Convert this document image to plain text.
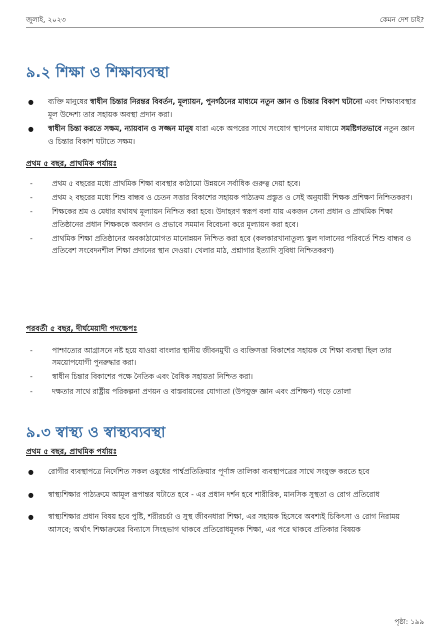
জুলাই, ২০২৩	কেমন দেশ চাই?
৯.২ শিক্ষা ও শিক্ষাব্যবস্থা
● ব্যক্তি মানুষের স্বাধীন চিন্তার নিরন্তর বিবর্তন, মূল্যায়ন, পুনর্গঠনের মাধ্যমে নতুন জ্ঞান ও চিন্তার বিকাশ ঘটানো এবং শিক্ষাব্যবস্থার মূল উদ্দেশ্য তার সহায়ক অবস্থা প্রদান করা।
● স্বাধীন চিন্তা করতে সক্ষম, ন্যায়বান ও সজ্জন মানুষ যারা একে অপরের সাথে সংযোগ স্থাপনের মাধ্যমে সমষ্টিগতভাবে নতুন জ্ঞান ও চিন্তার বিকাশ ঘটাতে সক্ষম।

প্রথম ৫ বছর, প্রাথমিক পর্যায়ঃ

- প্রথম ৫ বছরের মধ্যে প্রাথমিক শিক্ষা ব্যবস্থার কাঠামো উন্নয়নে সর্বাধিক গুরুত্ব দেয়া হবে।
- প্রথম ২ বছরের মধ্যে শিশু বান্ধব ও চেতন সত্তার বিকাশের সহায়ক পাঠ্যক্রম প্রস্তুত ও সেই অনুযায়ী শিক্ষক প্রশিক্ষণ নিশ্চিতকরণ।
- শিক্ষকের শ্রম ও মেধার যথাযথ মূল্যায়ন নিশ্চিত করা হবে। উদাহরণ স্বরূপ বলা যায় একজন সেনা প্রধান ও প্রাথমিক শিক্ষা প্রতিষ্ঠানের প্রধান শিক্ষককে অবদান ও প্রভাবে সমমান বিবেচনা করে মূল্যায়ন করা হবে।
- প্রাথমিক শিক্ষা প্রতিষ্ঠানের অবকাঠামোগত মানোন্নয়ন নিশ্চিত করা হবে (কলকারখানাতুল্য স্কুল দালানের পরিবর্তে শিশু বান্ধব ও প্রতিবেশ সংবেদনশীল শিক্ষা প্রদানের স্থান দেওয়া। খেলার মাঠ, প্রশ্নাগার ইত্যাদি সুবিধা নিশ্চিতকরণ)

পরবর্তী ৫ বছর, দীর্ঘমেয়াদী পদক্ষেপঃ

- পাশ্চাত্যের আগ্রাসনে নষ্ট হয়ে যাওয়া বাংলার স্থানীয় জীবনমুখী ও ব্যক্তিসত্তা বিকাশের সহায়ক যে শিক্ষা ব্যবস্থা ছিল তার সময়োপযোগী পুনরুদ্ধার করা।
- স্বাধীন চিন্তার বিকাশের পক্ষে নৈতিক এবং বৈধিক সহায়তা নিশ্চিত করা।
- দক্ষতার সাথে রাষ্ট্রীয় পরিকল্পনা প্রণয়ন ও বাস্তবায়নের যোগ্যতা (উপযুক্ত জ্ঞান এবং প্রশিক্ষণ) গড়ে তোলা
৯.৩ স্বাস্থ্য ও স্বাস্থ্যব্যবস্থা

প্রথম ৫ বছর, প্রাথমিক পর্যায়ঃ

● রোগীর ব্যবস্থাপত্রে নির্দেশিত সকল ওষুধের পার্শ্বপ্রতিক্রিয়ার পূর্ণাঙ্গ তালিকা ব্যবস্থাপত্রের সাথে সংযুক্ত করতে হবে
● স্বাস্থ্যশিক্ষার পাঠ্যক্রমে আমূল রূপান্তর ঘটাতে হবে - এর প্রধান দর্শন হবে শারীরিক, মানসিক সুস্থতা ও রোগ প্রতিরোধ
● স্বাস্থ্যশিক্ষার প্রধান বিষয় হবে পুষ্টি, শরীরচর্চা ও সুস্থ জীবনধারা শিক্ষা, এর সহায়ক হিসেবে অবশ্যই চিকিৎসা ও রোগ নিরাময় আসবে; অর্থাৎ শিক্ষাক্রমের বিন্যাসে সিংহভাগ থাকবে প্রতিরোধমূলক শিক্ষা, এর পরে থাকবে প্রতিকার বিষয়ক
পৃষ্ঠা: ১৯৯
